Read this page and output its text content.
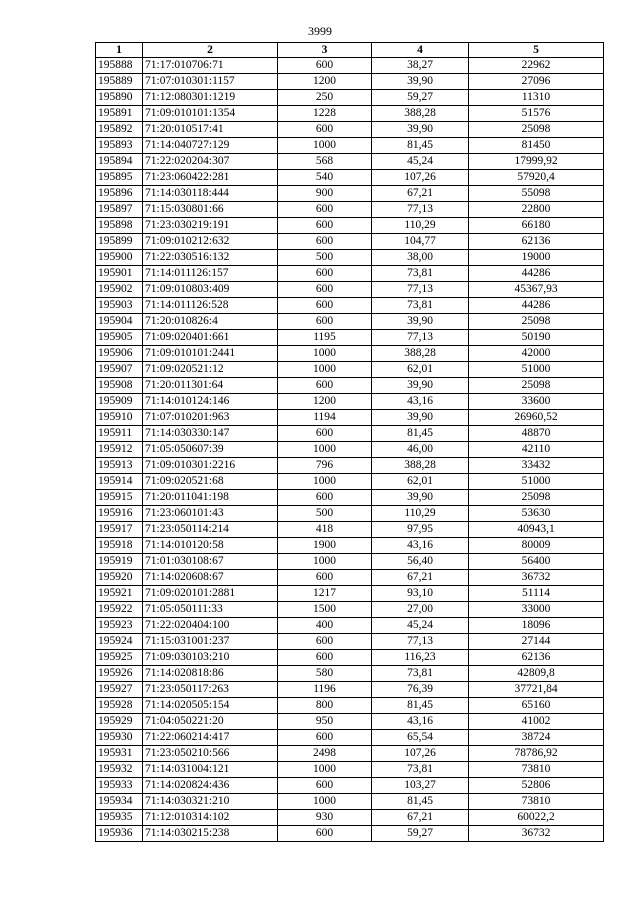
3999
1	2	3	4	5
195888	71:17:010706:71	600	38,27	22962
195889	71:07:010301:1157	1200	39,90	27096
195890	71:12:080301:1219	250	59,27	11310
195891	71:09:010101:1354	1228	388,28	51576
195892	71:20:010517:41	600	39,90	25098
195893	71:14:040727:129	1000	81,45	81450
195894	71:22:020204:307	568	45,24	17999,92
195895	71:23:060422:281	540	107,26	57920,4
195896	71:14:030118:444	900	67,21	55098
195897	71:15:030801:66	600	77,13	22800
195898	71:23:030219:191	600	110,29	66180
195899	71:09:010212:632	600	104,77	62136
195900	71:22:030516:132	500	38,00	19000
195901	71:14:011126:157	600	73,81	44286
195902	71:09:010803:409	600	77,13	45367,93
195903	71:14:011126:528	600	73,81	44286
195904	71:20:010826:4	600	39,90	25098
195905	71:09:020401:661	1195	77,13	50190
195906	71:09:010101:2441	1000	388,28	42000
195907	71:09:020521:12	1000	62,01	51000
195908	71:20:011301:64	600	39,90	25098
195909	71:14:010124:146	1200	43,16	33600
195910	71:07:010201:963	1194	39,90	26960,52
195911	71:14:030330:147	600	81,45	48870
195912	71:05:050607:39	1000	46,00	42110
195913	71:09:010301:2216	796	388,28	33432
195914	71:09:020521:68	1000	62,01	51000
195915	71:20:011041:198	600	39,90	25098
195916	71:23:060101:43	500	110,29	53630
195917	71:23:050114:214	418	97,95	40943,1
195918	71:14:010120:58	1900	43,16	80009
195919	71:01:030108:67	1000	56,40	56400
195920	71:14:020608:67	600	67,21	36732
195921	71:09:020101:2881	1217	93,10	51114
195922	71:05:050111:33	1500	27,00	33000
195923	71:22:020404:100	400	45,24	18096
195924	71:15:031001:237	600	77,13	27144
195925	71:09:030103:210	600	116,23	62136
195926	71:14:020818:86	580	73,81	42809,8
195927	71:23:050117:263	1196	76,39	37721,84
195928	71:14:020505:154	800	81,45	65160
195929	71:04:050221:20	950	43,16	41002
195930	71:22:060214:417	600	65,54	38724
195931	71:23:050210:566	2498	107,26	78786,92
195932	71:14:031004:121	1000	73,81	73810
195933	71:14:020824:436	600	103,27	52806
195934	71:14:030321:210	1000	81,45	73810
195935	71:12:010314:102	930	67,21	60022,2
195936	71:14:030215:238	600	59,27	36732
